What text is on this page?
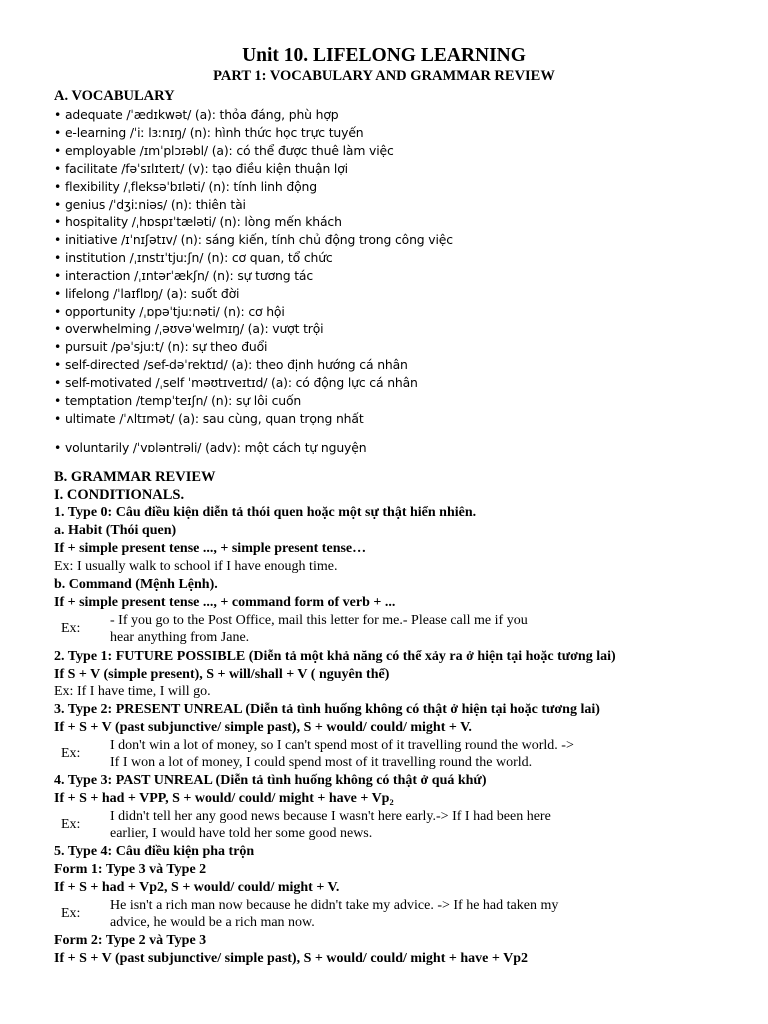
Unit 10. LIFELONG LEARNING
PART 1: VOCABULARY AND GRAMMAR REVIEW
A. VOCABULARY
• adequate /ˈædɪkwət/ (a): thỏa đáng, phù hợp
• e-learning /ˈiː lɜːnɪŋ/ (n): hình thức học trực tuyến
• employable /ɪmˈplɔɪəbl/ (a): có thể được thuê làm việc
• facilitate /fəˈsɪlɪteɪt/ (v): tạo điều kiện thuận lợi
• flexibility /ˌfleksəˈbɪləti/ (n): tính linh động
• genius /ˈdʒiːniəs/ (n): thiên tài
• hospitality /ˌhɒspɪˈtæləti/ (n): lòng mến khách
• initiative /ɪˈnɪʃətɪv/ (n): sáng kiến, tính chủ động trong công việc
• institution /ˌɪnstɪˈtjuːʃn/ (n): cơ quan, tổ chức
• interaction /ˌɪntərˈækʃn/ (n): sự tương tác
• lifelong /ˈlaɪflɒŋ/ (a): suốt đời
• opportunity /ˌɒpəˈtjuːnəti/ (n): cơ hội
• overwhelming /ˌəʊvəˈwelmɪŋ/ (a): vượt trội
• pursuit /pəˈsjuːt/ (n): sự theo đuổi
• self-directed /sef-dəˈrektɪd/ (a): theo định hướng cá nhân
• self-motivated /ˌself ˈməʊtɪveɪtɪd/ (a): có động lực cá nhân
• temptation /tempˈteɪʃn/ (n): sự lôi cuốn
• ultimate /ˈʌltɪmət/ (a): sau cùng, quan trọng nhất
• voluntarily /ˈvɒləntrəli/ (adv): một cách tự nguyện
B. GRAMMAR REVIEW
I. CONDITIONALS.
1. Type 0: Câu điều kiện diễn tả thói quen hoặc một sự thật hiển nhiên.
a. Habit (Thói quen)
If + simple present tense ..., + simple present tense…
Ex: I usually walk to school if I have enough time.
b. Command (Mệnh Lệnh).
If + simple present tense ..., + command form of verb + ...
Ex:
- If you go to the Post Office, mail this letter for me.- Please call me if you
hear anything from Jane.
2. Type 1: FUTURE POSSIBLE (Diễn tả một khả năng có thể xảy ra ở hiện tại hoặc tương lai)
If S + V (simple present), S + will/shall + V ( nguyên thể)
Ex: If I have time, I will go.
3. Type 2: PRESENT UNREAL (Diễn tả tình huống không có thật ở hiện tại hoặc tương lai)
If + S + V (past subjunctive/ simple past), S + would/ could/ might + V.
Ex:
I don't win a lot of money, so I can't spend most of it travelling round the world. ->
If I won a lot of money, I could spend most of it travelling round the world.
4. Type 3: PAST UNREAL (Diễn tả tình huống không có thật ở quá khứ)
If + S + had + VPP, S + would/ could/ might + have + Vp₂
Ex:
I didn't tell her any good news because I wasn't here early.-> If I had been here
earlier, I would have told her some good news.
5. Type 4: Câu điều kiện pha trộn
Form 1: Type 3 và Type 2
If + S + had + Vp2, S + would/ could/ might + V.
Ex:
He isn't a rich man now because he didn't take my advice. -> If he had taken my
advice, he would be a rich man now.
Form 2: Type 2 và Type 3
If + S + V (past subjunctive/ simple past), S + would/ could/ might + have + Vp2
